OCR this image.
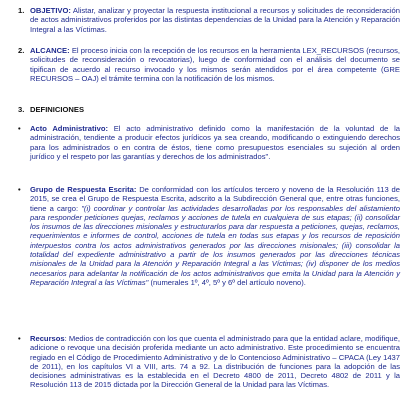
1. OBJETIVO: Alistar, analizar y proyectar la respuesta institucional a recursos y solicitudes de reconsideración de actos administrativos proferidos por las distintas dependencias de la Unidad para la Atención y Reparación Integral a las Víctimas.
2. ALCANCE: El proceso inicia con la recepción de los recursos en la herramienta LEX_RECURSOS (recursos, solicitudes de reconsideración o revocatorias), luego de conformidad con el análisis del documento se tipifican de acuerdo al recurso invocado y los mismos serán atendidos por el área competente (GRE RECURSOS – OAJ) el trámite termina con la notificación de los mismos.
3. DEFINICIONES
• Acto Administrativo: El acto administrativo definido como la manifestación de la voluntad de la administración, tendiente a producir efectos jurídicos ya sea creando, modificando o extinguiendo derechos para los administrados o en contra de éstos, tiene como presupuestos esenciales su sujeción al orden jurídico y el respeto por las garantías y derechos de los administrados".
• Grupo de Respuesta Escrita: De conformidad con los artículos tercero y noveno de la Resolución 113 de 2015, se crea el Grupo de Respuesta Escrita, adscrito a la Subdirección General que, entre otras funciones, tiene a cargo: "(i) coordinar y controlar las actividades desarrolladas por los responsables del alistamiento para responder peticiones quejas, reclamos y acciones de tutela en cualquiera de sus etapas; (ii) consolidar los insumos de las direcciones misionales y estructurarlos para dar respuesta a peticiones, quejas, reclamos, requerimientos e informes de control, acciones de tutela en todas sus etapas y los recursos de reposición interpuestos contra los actos administrativos generados por las direcciones misionales; (iii) consolidar la totalidad del expediente administrativo a partir de los insumos generados por las direcciones técnicas misionales de la Unidad para la Atención y Reparación Integral a las Víctimas; (iv) disponer de los medios necesarios para adelantar la notificación de los actos administrativos que emita la Unidad para la Atención y Reparación Integral a las Víctimas" (numerales 1º, 4º, 5º y 6º del artículo noveno).
• Recursos: Medios de contradicción con los que cuenta el administrado para que la entidad aclare, modifique, adicione o revoque una decisión proferida mediante un acto administrativo. Este procedimiento se encuentra regiado en el Código de Procedimiento Administrativo y de lo Contencioso Administrativo – CPACA (Ley 1437 de 2011), en los capítulos VI a VIII, arts. 74 a 92. La distribución de funciones para la adopción de las decisiones administrativas es la establecida en el Decreto 4800 de 2011, Decreto 4802 de 2011 y la Resolución 113 de 2015 dictada por la Dirección General de la Unidad para las Víctimas.
